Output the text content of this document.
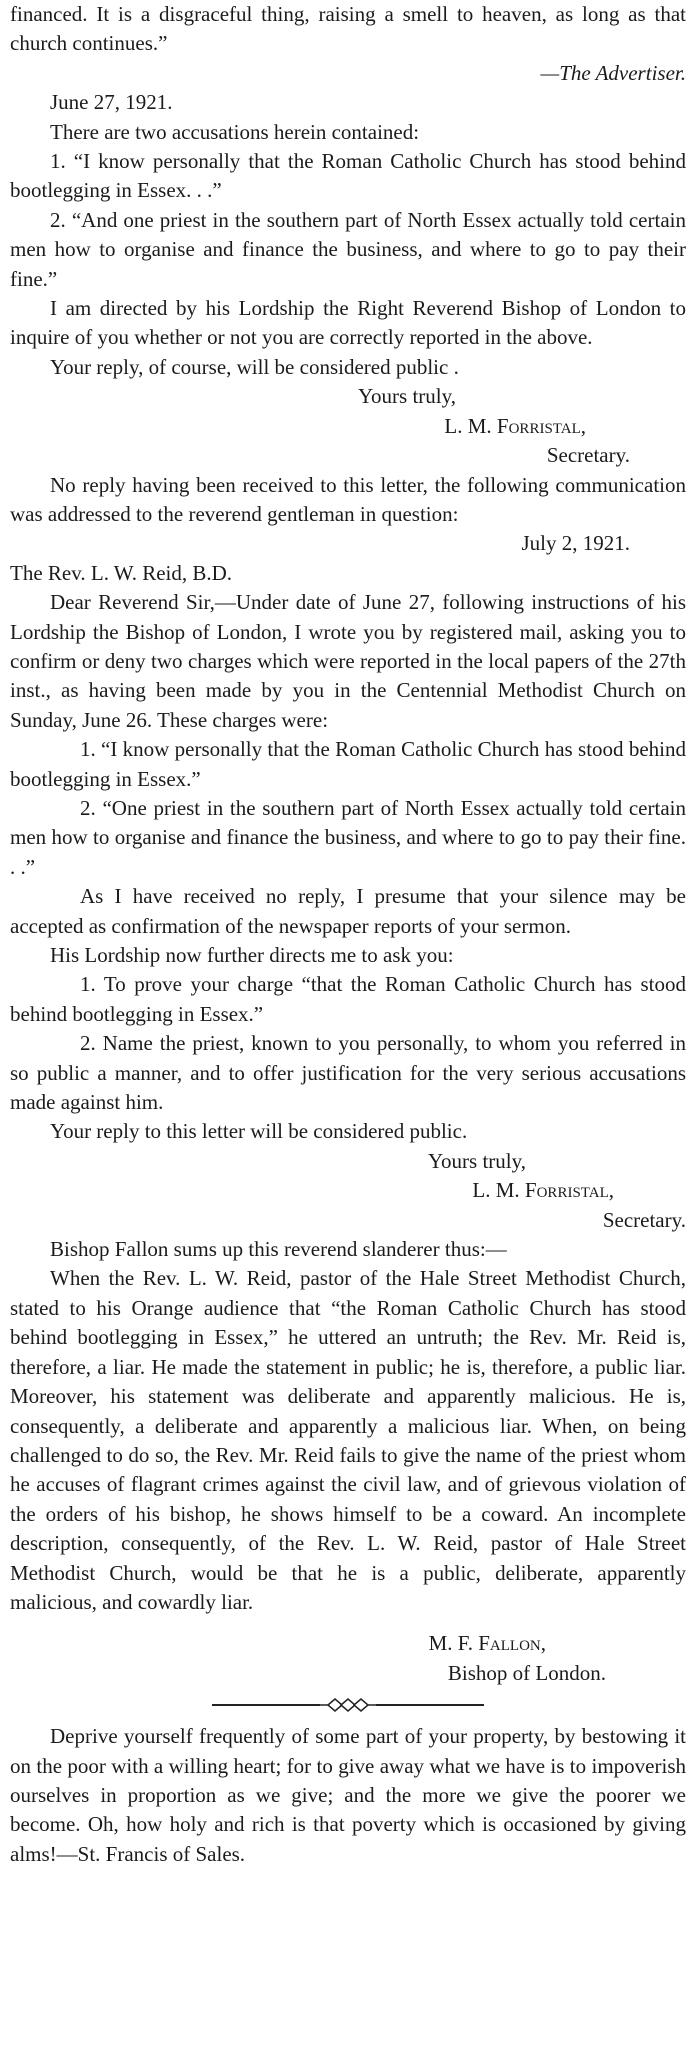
financed. It is a disgraceful thing, raising a smell to heaven, as long as that church continues.”

—The Advertiser.

June 27, 1921.

There are two accusations herein contained:

1. “I know personally that the Roman Catholic Church has stood behind bootlegging in Essex. . .”

2. “And one priest in the southern part of North Essex actually told certain men how to organise and finance the business, and where to go to pay their fine.”

I am directed by his Lordship the Right Reverend Bishop of London to inquire of you whether or not you are correctly reported in the above.

Your reply, of course, will be considered public .

Yours truly,

L. M. Forristal,

Secretary.

No reply having been received to this letter, the following communication was addressed to the reverend gentleman in question:

July 2, 1921.

The Rev. L. W. Reid, B.D.

Dear Reverend Sir,—Under date of June 27, following instructions of his Lordship the Bishop of London, I wrote you by registered mail, asking you to confirm or deny two charges which were reported in the local papers of the 27th inst., as having been made by you in the Centennial Methodist Church on Sunday, June 26. These charges were:

1. “I know personally that the Roman Catholic Church has stood behind bootlegging in Essex.”

2. “One priest in the southern part of North Essex actually told certain men how to organise and finance the business, and where to go to pay their fine. . .”

As I have received no reply, I presume that your silence may be accepted as confirmation of the newspaper reports of your sermon.

His Lordship now further directs me to ask you:

1. To prove your charge “that the Roman Catholic Church has stood behind bootlegging in Essex.”

2. Name the priest, known to you personally, to whom you referred in so public a manner, and to offer justification for the very serious accusations made against him.

Your reply to this letter will be considered public.

Yours truly,

L. M. Forristal,

Secretary.

Bishop Fallon sums up this reverend slanderer thus:—

When the Rev. L. W. Reid, pastor of the Hale Street Methodist Church, stated to his Orange audience that “the Roman Catholic Church has stood behind bootlegging in Essex,” he uttered an untruth; the Rev. Mr. Reid is, therefore, a liar. He made the statement in public; he is, therefore, a public liar. Moreover, his statement was deliberate and apparently malicious. He is, consequently, a deliberate and apparently a malicious liar. When, on being challenged to do so, the Rev. Mr. Reid fails to give the name of the priest whom he accuses of flagrant crimes against the civil law, and of grievous violation of the orders of his bishop, he shows himself to be a coward. An incomplete description, consequently, of the Rev. L. W. Reid, pastor of Hale Street Methodist Church, would be that he is a public, deliberate, apparently malicious, and cowardly liar.

M. F. Fallon,

Bishop of London.

Deprive yourself frequently of some part of your property, by bestowing it on the poor with a willing heart; for to give away what we have is to impoverish ourselves in proportion as we give; and the more we give the poorer we become. Oh, how holy and rich is that poverty which is occasioned by giving alms!—St. Francis of Sales.
